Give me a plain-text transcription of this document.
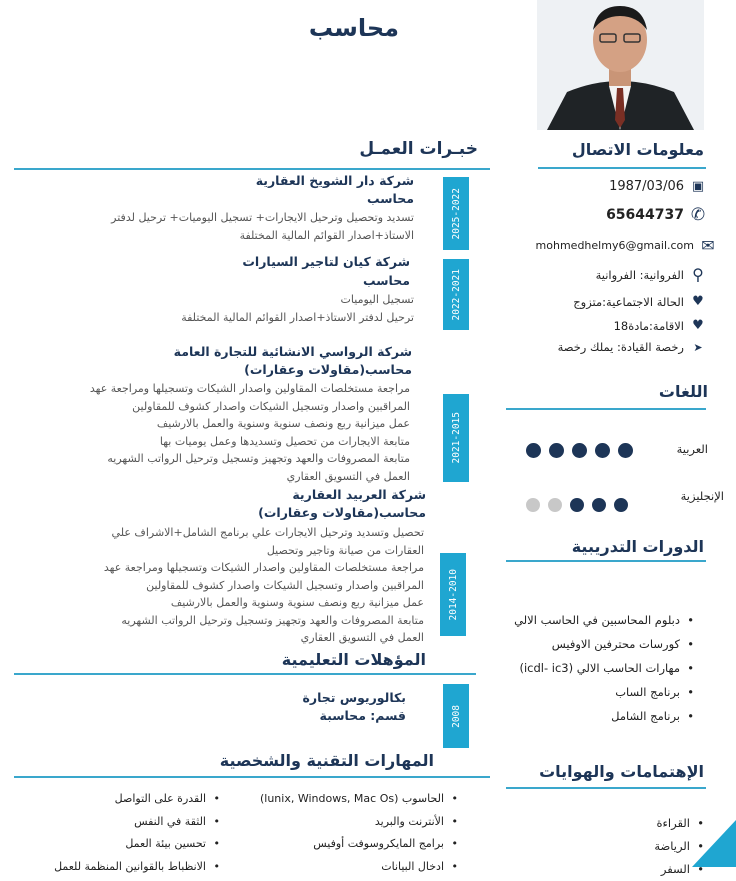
محاسب
معلومات الاتصال
▣
1987/03/06
✆
65644737
✉
mohmedhelmy6@gmail.com
⚲
الفروانية: الفروانية
♥
الحالة الاجتماعية:متزوج
♥
الاقامة:مادة18
➤
رخصة القيادة: يملك رخصة
اللغات
العربية
الإنجليزية
الدورات التدريبية
• دبلوم المحاسبين في الحاسب الالي
• كورسات محترفين الاوفيس
• مهارات الحاسب الالي (icdl- ic3)
• برنامج الساب
• برنامج الشامل
الإهتمامات والهوايات
• القراءة
• الرياضة
• السفر
خبـرات العمـل
شركة دار الشويخ العقارية
محاسب
تسديد وتحصيل وترحيل الايجارات+ تسجيل اليوميات+ ترحيل لدفتر
الاستاذ+اصدار القوائم المالية المختلفة	2025-2022
شركة كيان لتاجير السيارات
محاسب
تسجيل اليوميات
ترحيل لدفتر الاستاذ+اصدار القوائم المالية المختلفة	2022-2021
شركة الرواسي الانشائية للتجارة العامة
محاسب(مقاولات وعقارات)
مراجعة مستخلصات المقاولين واصدار الشيكات وتسجيلها ومراجعة عهد
المراقبين واصدار وتسجيل الشيكات واصدار كشوف للمقاولين
عمل ميزانية ربع ونصف سنوية وسنوية والعمل بالارشيف
متابعة الايجارات من تحصيل وتسديدها وعمل يوميات بها
متابعة المصروفات والعهد وتجهيز وتسجيل وترحيل الرواتب الشهريه
العمل في التسويق العقاري
2021-2015
شركة العربيد العقارية
محاسب(مقاولات وعقارات)
تحصيل وتسديد وترحيل الايجارات علي برنامج الشامل+الاشراف علي
العقارات من صيانة وتاجير وتحصيل
مراجعة مستخلصات المقاولين واصدار الشيكات وتسجيلها ومراجعة عهد
المراقبين واصدار وتسجيل الشيكات واصدار كشوف للمقاولين
عمل ميزانية ربع ونصف سنوية وسنوية والعمل بالارشيف
متابعة المصروفات والعهد وتجهيز وتسجيل وترحيل الرواتب الشهريه
العمل في التسويق العقاري
2014-2010
المؤهلات التعليمية
بكالوريوس تجارة
قسم: محاسبة	2008
المهارات التقنية والشخصية
• الحاسوب (lunix, Windows, Mac Os)
• الأنترنت والبريد
• برامج المايكروسوفت أوفيس
• ادخال البيانات
• القدرة على التواصل
• الثقة في النفس
• تحسين بيئة العمل
• الانظباط بالقوانين المنظمة للعمل
